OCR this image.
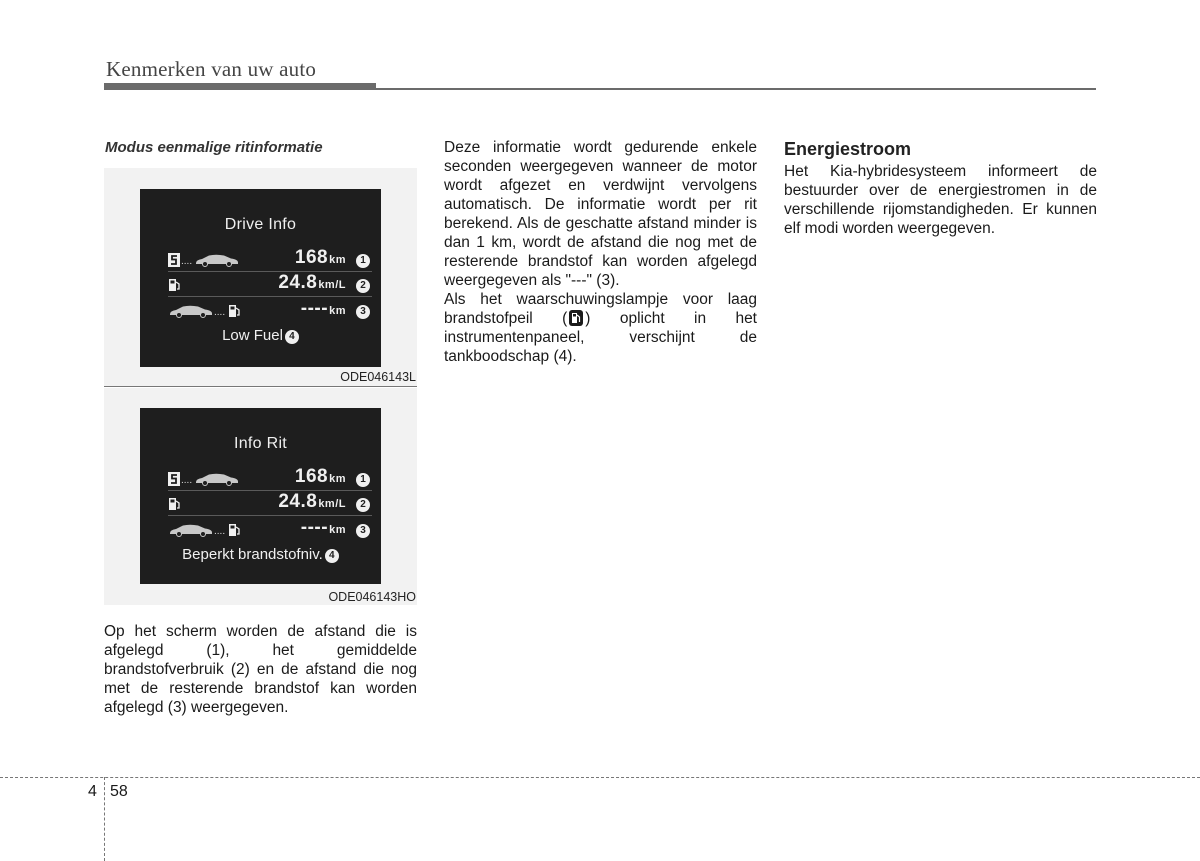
Kenmerken van uw auto
Modus eenmalige ritinformatie
Drive Info
....	168km	1
24.8km/L	2
....	----km	3
Low Fuel 4
ODE046143L
Info Rit
....	168km	1
24.8km/L	2
....	----km	3
Beperkt brandstofniv. 4
ODE046143HO
Op het scherm worden de afstand die is afgelegd (1), het gemiddelde brandstofverbruik (2) en de afstand die nog met de resterende brandstof kan worden afgelegd (3) weergegeven.

Deze informatie wordt gedurende enkele seconden weergegeven wanneer de motor wordt afgezet en verdwijnt vervolgens automatisch. De informatie wordt per rit berekend. Als de geschatte afstand minder is dan 1 km, wordt de afstand die nog met de resterende brandstof kan worden afgelegd weergegeven als "---" (3).

Als het waarschuwingslampje voor laag brandstofpeil ( ) oplicht in het instrumentenpaneel, verschijnt de tankboodschap (4).

Energiestroom

Het Kia-hybridesysteem informeert de bestuurder over de energiestromen in de verschillende rijomstandigheden. Er kunnen elf modi worden weergegeven.

4 58
